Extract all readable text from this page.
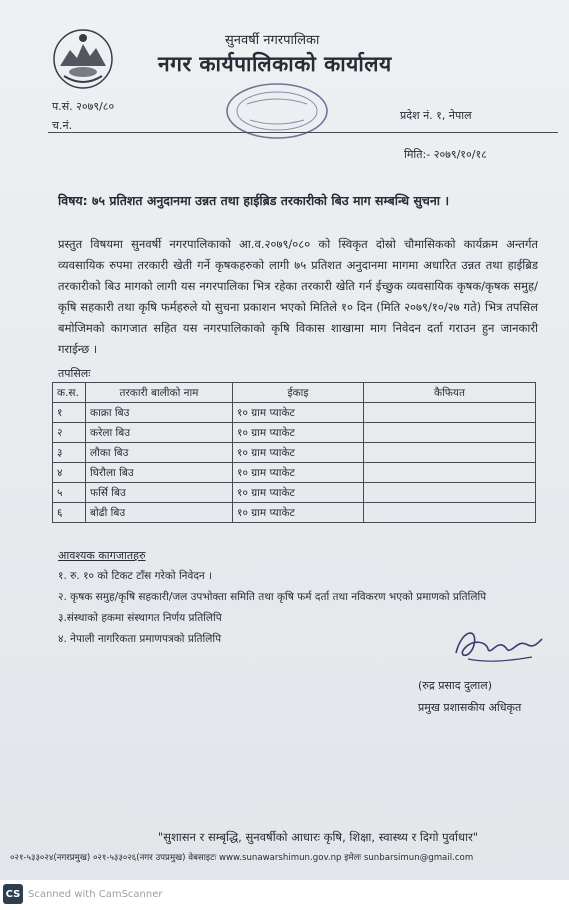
सुनवर्षी नगरपालिका
नगर कार्यपालिकाको कार्यालय
प.सं. २०७९/८०
च.नं.
प्रदेश नं. १, नेपाल
मिति:- २०७९/१०/१८
विषय: ७५ प्रतिशत अनुदानमा उन्नत तथा हाईब्रिड तरकारीको बिउ माग सम्बन्धि सुचना ।
प्रस्तुत विषयमा सुनवर्षी नगरपालिकाको आ.व.२०७९/०८० को स्विकृत दोस्रो चौमासिकको कार्यक्रम अन्तर्गत व्यवसायिक रुपमा तरकारी खेती गर्ने कृषकहरुको लागी ७५ प्रतिशत अनुदानमा मागमा अधारित उन्नत तथा हाईब्रिड तरकारीको बिउ मागको लागी यस नगरपालिका भित्र रहेका तरकारी खेति गर्न ईच्छुक व्यवसायिक कृषक/कृषक समुह/कृषि सहकारी तथा कृषि फर्महरुले यो सुचना प्रकाशन भएको मितिले १० दिन (मिति २०७९/१०/२७ गते) भित्र तपसिल बमोजिमको कागजात सहित यस नगरपालिकाको कृषि विकास शाखामा माग निवेदन दर्ता गराउन हुन जानकारी गराईन्छ ।
तपसिलः
क.स.	तरकारी बालीको नाम	ईकाइ	कैफियत
१	काक्रा बिउ	१० ग्राम प्याकेट	
२	करेला बिउ	१० ग्राम प्याकेट	
३	लौका बिउ	१० ग्राम प्याकेट	
४	घिरौला बिउ	१० ग्राम प्याकेट	
५	फर्सि बिउ	१० ग्राम प्याकेट	
६	बोढी बिउ	१० ग्राम प्याकेट	
आवश्यक कागजातहरु
१. रु. १० को टिकट टाँस गरेको निवेदन ।
२. कृषक समुह/कृषि सहकारी/जल उपभोक्ता समिति तथा कृषि फर्म दर्ता तथा नविकरण भएको प्रमाणको प्रतिलिपि
३.संस्थाको हकमा संस्थागत निर्णय प्रतिलिपि
४. नेपाली नागरिकता प्रमाणपत्रको प्रतिलिपि
(रुद्र प्रसाद दुलाल)
प्रमुख प्रशासकीय अधिकृत
"सुशासन र सम्बृद्धि, सुनवर्षीको आधारः कृषि, शिक्षा, स्वास्थ्य र दिगो पुर्वाधार"
०२१-५३३०२४(नगरप्रमुख) ०२१-५३३०२६(नगर उपप्रमुख) वेबसाइटः www.sunawarshimun.gov.np इमेलः sunbarsimun@gmail.com
CS Scanned with CamScanner
